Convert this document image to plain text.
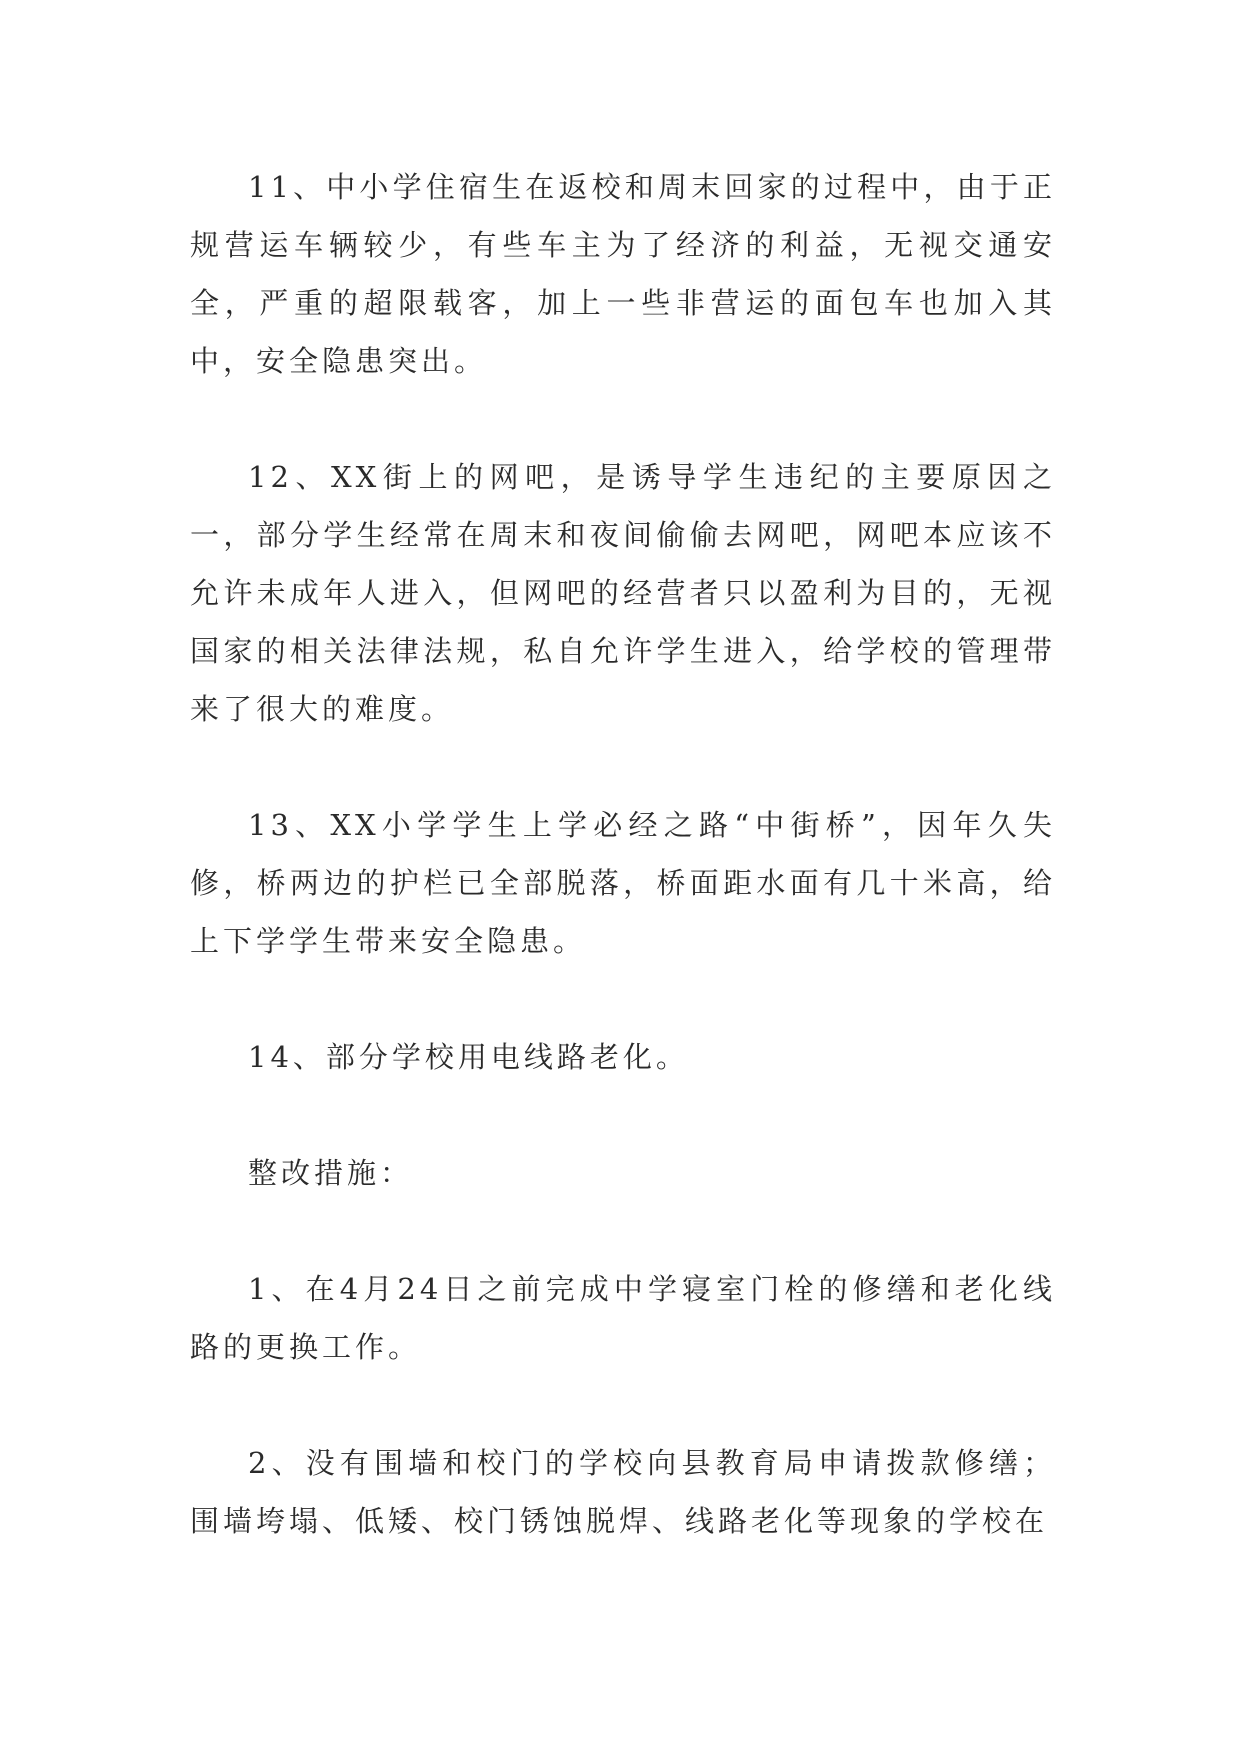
11、中小学住宿生在返校和周末回家的过程中，由于正规营运车辆较少，有些车主为了经济的利益，无视交通安全，严重的超限载客，加上一些非营运的面包车也加入其中，安全隐患突出。

12、XX街上的网吧，是诱导学生违纪的主要原因之一，部分学生经常在周末和夜间偷偷去网吧，网吧本应该不允许未成年人进入，但网吧的经营者只以盈利为目的，无视国家的相关法律法规，私自允许学生进入，给学校的管理带来了很大的难度。

13、XX小学学生上学必经之路“中街桥”，因年久失修，桥两边的护栏已全部脱落，桥面距水面有几十米高，给上下学学生带来安全隐患。

14、部分学校用电线路老化。

整改措施：

1、在4月24日之前完成中学寝室门栓的修缮和老化线路的更换工作。

2、没有围墙和校门的学校向县教育局申请拨款修缮；围墙垮塌、低矮、校门锈蚀脱焊、线路老化等现象的学校在
